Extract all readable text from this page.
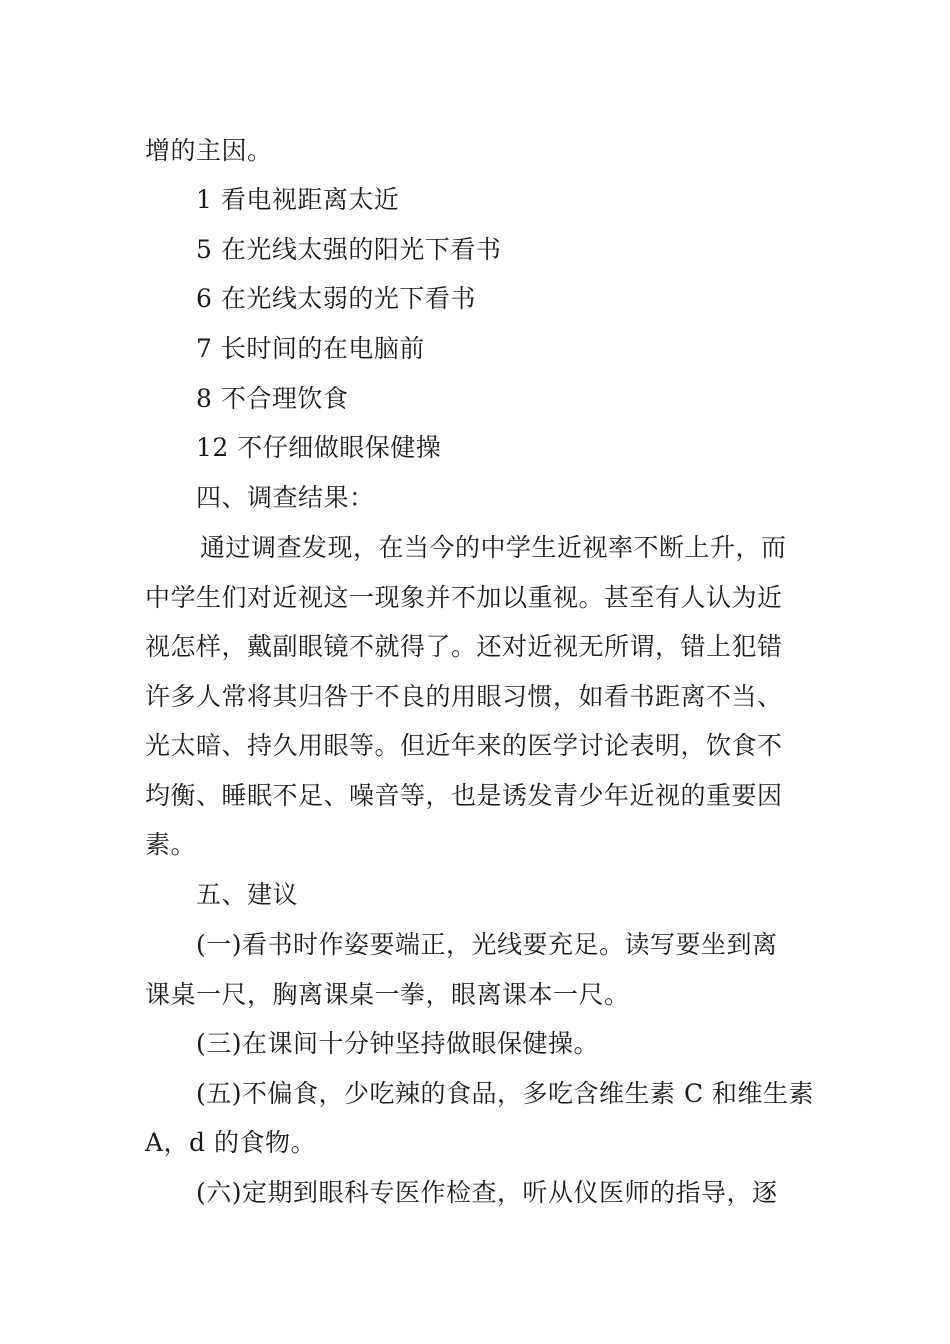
增的主因。
1 看电视距离太近
5 在光线太强的阳光下看书
6 在光线太弱的光下看书
7 长时间的在电脑前
8 不合理饮食
12 不仔细做眼保健操
四、调查结果：
通过调查发现，在当今的中学生近视率不断上升，而
中学生们对近视这一现象并不加以重视。甚至有人认为近
视怎样，戴副眼镜不就得了。还对近视无所谓，错上犯错
许多人常将其归咎于不良的用眼习惯，如看书距离不当、
光太暗、持久用眼等。但近年来的医学讨论表明，饮食不
均衡、睡眠不足、噪音等，也是诱发青少年近视的重要因
素。
五、建议
(一)看书时作姿要端正，光线要充足。读写要坐到离
课桌一尺，胸离课桌一拳，眼离课本一尺。
(三)在课间十分钟坚持做眼保健操。
(五)不偏食，少吃辣的食品，多吃含维生素 C 和维生素
A，d 的食物。
(六)定期到眼科专医作检查，听从仪医师的指导，逐
